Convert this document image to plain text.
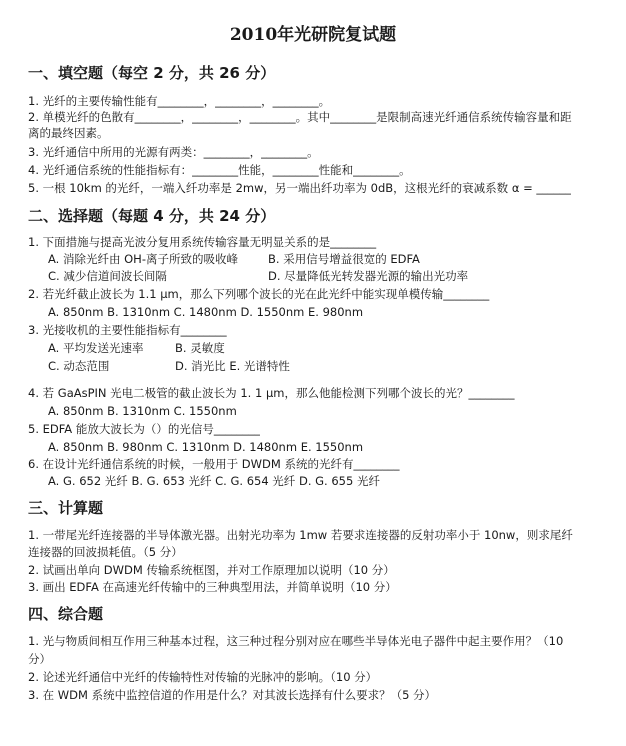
2010年光研院复试题
一、填空题（每空 2 分，共 26 分）
1. 光纤的主要传输性能有________，________，________。
2. 单模光纤的色散有________，________，________。其中________是限制高速光纤通信系统传输容量和距
离的最终因素。
3. 光纤通信中所用的光源有两类：________，________。
4. 光纤通信系统的性能指标有：________性能，________性能和________。
5. 一根 10km 的光纤，一端入纤功率是 2mw，另一端出纤功率为 0dB，这根光纤的衰减系数 α = ______
二、选择题（每题 4 分，共 24 分）
1. 下面措施与提高光波分复用系统传输容量无明显关系的是________
A. 消除光纤由 OH-离子所致的吸收峰	B. 采用信号增益很宽的 EDFA
C. 减少信道间波长间隔	D. 尽量降低光转发器光源的输出光功率
2. 若光纤截止波长为 1.1 μm，那么下列哪个波长的光在此光纤中能实现单模传输________
A. 850nm B. 1310nm C. 1480nm D. 1550nm E. 980nm
3. 光接收机的主要性能指标有________
A. 平均发送光速率	B. 灵敏度
C. 动态范围	D. 消光比 E. 光谱特性
4. 若 GaAsPIN 光电二极管的截止波长为 1. 1 μm，那么他能检测下列哪个波长的光？________
A. 850nm B. 1310nm C. 1550nm
5. EDFA 能放大波长为（）的光信号________
A. 850nm B. 980nm C. 1310nm D. 1480nm E. 1550nm
6. 在设计光纤通信系统的时候，一般用于 DWDM 系统的光纤有________
A. G. 652 光纤 B. G. 653 光纤 C. G. 654 光纤 D. G. 655 光纤
三、计算题
1. 一带尾光纤连接器的半导体激光器。出射光功率为 1mw 若要求连接器的反射功率小于 10nw，则求尾纤
连接器的回波损耗值。（5 分）
2. 试画出单向 DWDM 传输系统框图，并对工作原理加以说明（10 分）
3. 画出 EDFA 在高速光纤传输中的三种典型用法，并简单说明（10 分）
四、综合题
1. 光与物质间相互作用三种基本过程，这三种过程分别对应在哪些半导体光电子器件中起主要作用？（10
分）
2. 论述光纤通信中光纤的传输特性对传输的光脉冲的影响。（10 分）
3. 在 WDM 系统中监控信道的作用是什么？对其波长选择有什么要求？（5 分）
